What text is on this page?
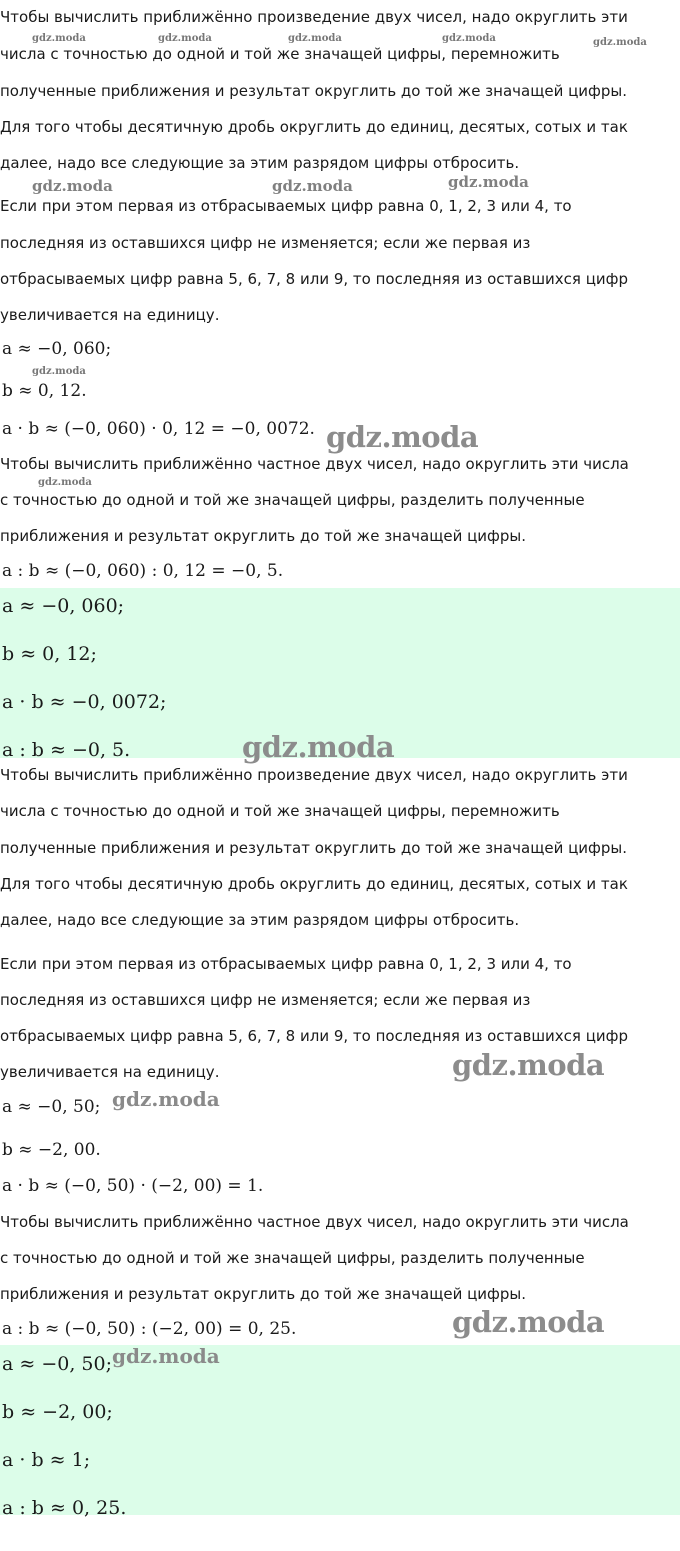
Чтобы вычислить приближённо произведение двух чисел, надо округлить эти

числа с точностью до одной и той же значащей цифры, перемножить

полученные приближения и результат округлить до той же значащей цифры.

Для того чтобы десятичную дробь округлить до единиц, десятых, сотых и так

далее, надо все следующие за этим разрядом цифры отбросить.

Если при этом первая из отбрасываемых цифр равна 0, 1, 2, 3 или 4, то

последняя из оставшихся цифр не изменяется; если же первая из

отбрасываемых цифр равна 5, 6, 7, 8 или 9, то последняя из оставшихся цифр

увеличивается на единицу.

a ≈ −0, 060;

b ≈ 0, 12.

a · b ≈ (−0, 060) · 0, 12 = −0, 0072.

Чтобы вычислить приближённо частное двух чисел, надо округлить эти числа

с точностью до одной и той же значащей цифры, разделить полученные

приближения и результат округлить до той же значащей цифры.

a : b ≈ (−0, 060) : 0, 12 = −0, 5.

a ≈ −0, 060;

b ≈ 0, 12;

a · b ≈ −0, 0072;

a : b ≈ −0, 5.

Чтобы вычислить приближённо произведение двух чисел, надо округлить эти

числа с точностью до одной и той же значащей цифры, перемножить

полученные приближения и результат округлить до той же значащей цифры.

Для того чтобы десятичную дробь округлить до единиц, десятых, сотых и так

далее, надо все следующие за этим разрядом цифры отбросить.

Если при этом первая из отбрасываемых цифр равна 0, 1, 2, 3 или 4, то

последняя из оставшихся цифр не изменяется; если же первая из

отбрасываемых цифр равна 5, 6, 7, 8 или 9, то последняя из оставшихся цифр

увеличивается на единицу.

a ≈ −0, 50;

b ≈ −2, 00.

a · b ≈ (−0, 50) · (−2, 00) = 1.

Чтобы вычислить приближённо частное двух чисел, надо округлить эти числа

с точностью до одной и той же значащей цифры, разделить полученные

приближения и результат округлить до той же значащей цифры.

a : b ≈ (−0, 50) : (−2, 00) = 0, 25.

a ≈ −0, 50;

b ≈ −2, 00;

a · b ≈ 1;

a : b ≈ 0, 25.

gdz.moda	gdz.moda	gdz.moda	gdz.moda	gdz.moda
gdz.moda	gdz.moda	gdz.moda
gdz.moda
gdz.moda
gdz.moda
gdz.moda
gdz.moda
gdz.moda
gdz.moda
gdz.moda
